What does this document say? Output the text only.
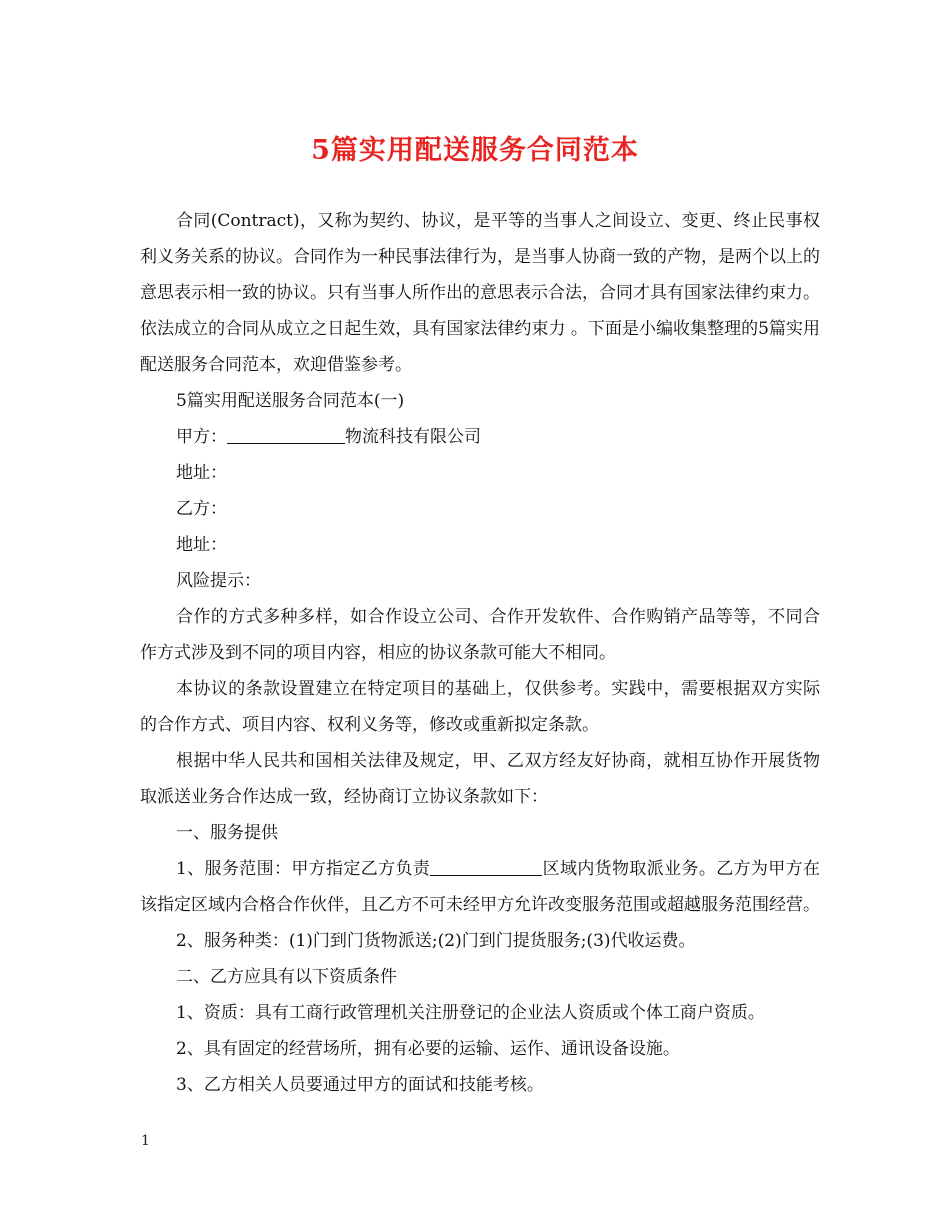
5篇实用配送服务合同范本

合同(Contract)，又称为契约、协议，是平等的当事人之间设立、变更、终止民事权利义务关系的协议。合同作为一种民事法律行为，是当事人协商一致的产物，是两个以上的意思表示相一致的协议。只有当事人所作出的意思表示合法，合同才具有国家法律约束力。依法成立的合同从成立之日起生效，具有国家法律约束力 。下面是小编收集整理的5篇实用配送服务合同范本，欢迎借鉴参考。

5篇实用配送服务合同范本(一)

甲方：	物流科技有限公司

地址：

乙方：

地址：

风险提示：

合作的方式多种多样，如合作设立公司、合作开发软件、合作购销产品等等，不同合作方式涉及到不同的项目内容，相应的协议条款可能大不相同。

本协议的条款设置建立在特定项目的基础上，仅供参考。实践中，需要根据双方实际的合作方式、项目内容、权利义务等，修改或重新拟定条款。

根据中华人民共和国相关法律及规定，甲、乙双方经友好协商，就相互协作开展货物取派送业务合作达成一致，经协商订立协议条款如下：

一、服务提供

1、服务范围：甲方指定乙方负责	区域内货物取派业务。乙方为甲方在该指定区域内合格合作伙伴，且乙方不可未经甲方允许改变服务范围或超越服务范围经营。

2、服务种类：(1)门到门货物派送;(2)门到门提货服务;(3)代收运费。

二、乙方应具有以下资质条件

1、资质：具有工商行政管理机关注册登记的企业法人资质或个体工商户资质。

2、具有固定的经营场所，拥有必要的运输、运作、通讯设备设施。

3、乙方相关人员要通过甲方的面试和技能考核。

1
